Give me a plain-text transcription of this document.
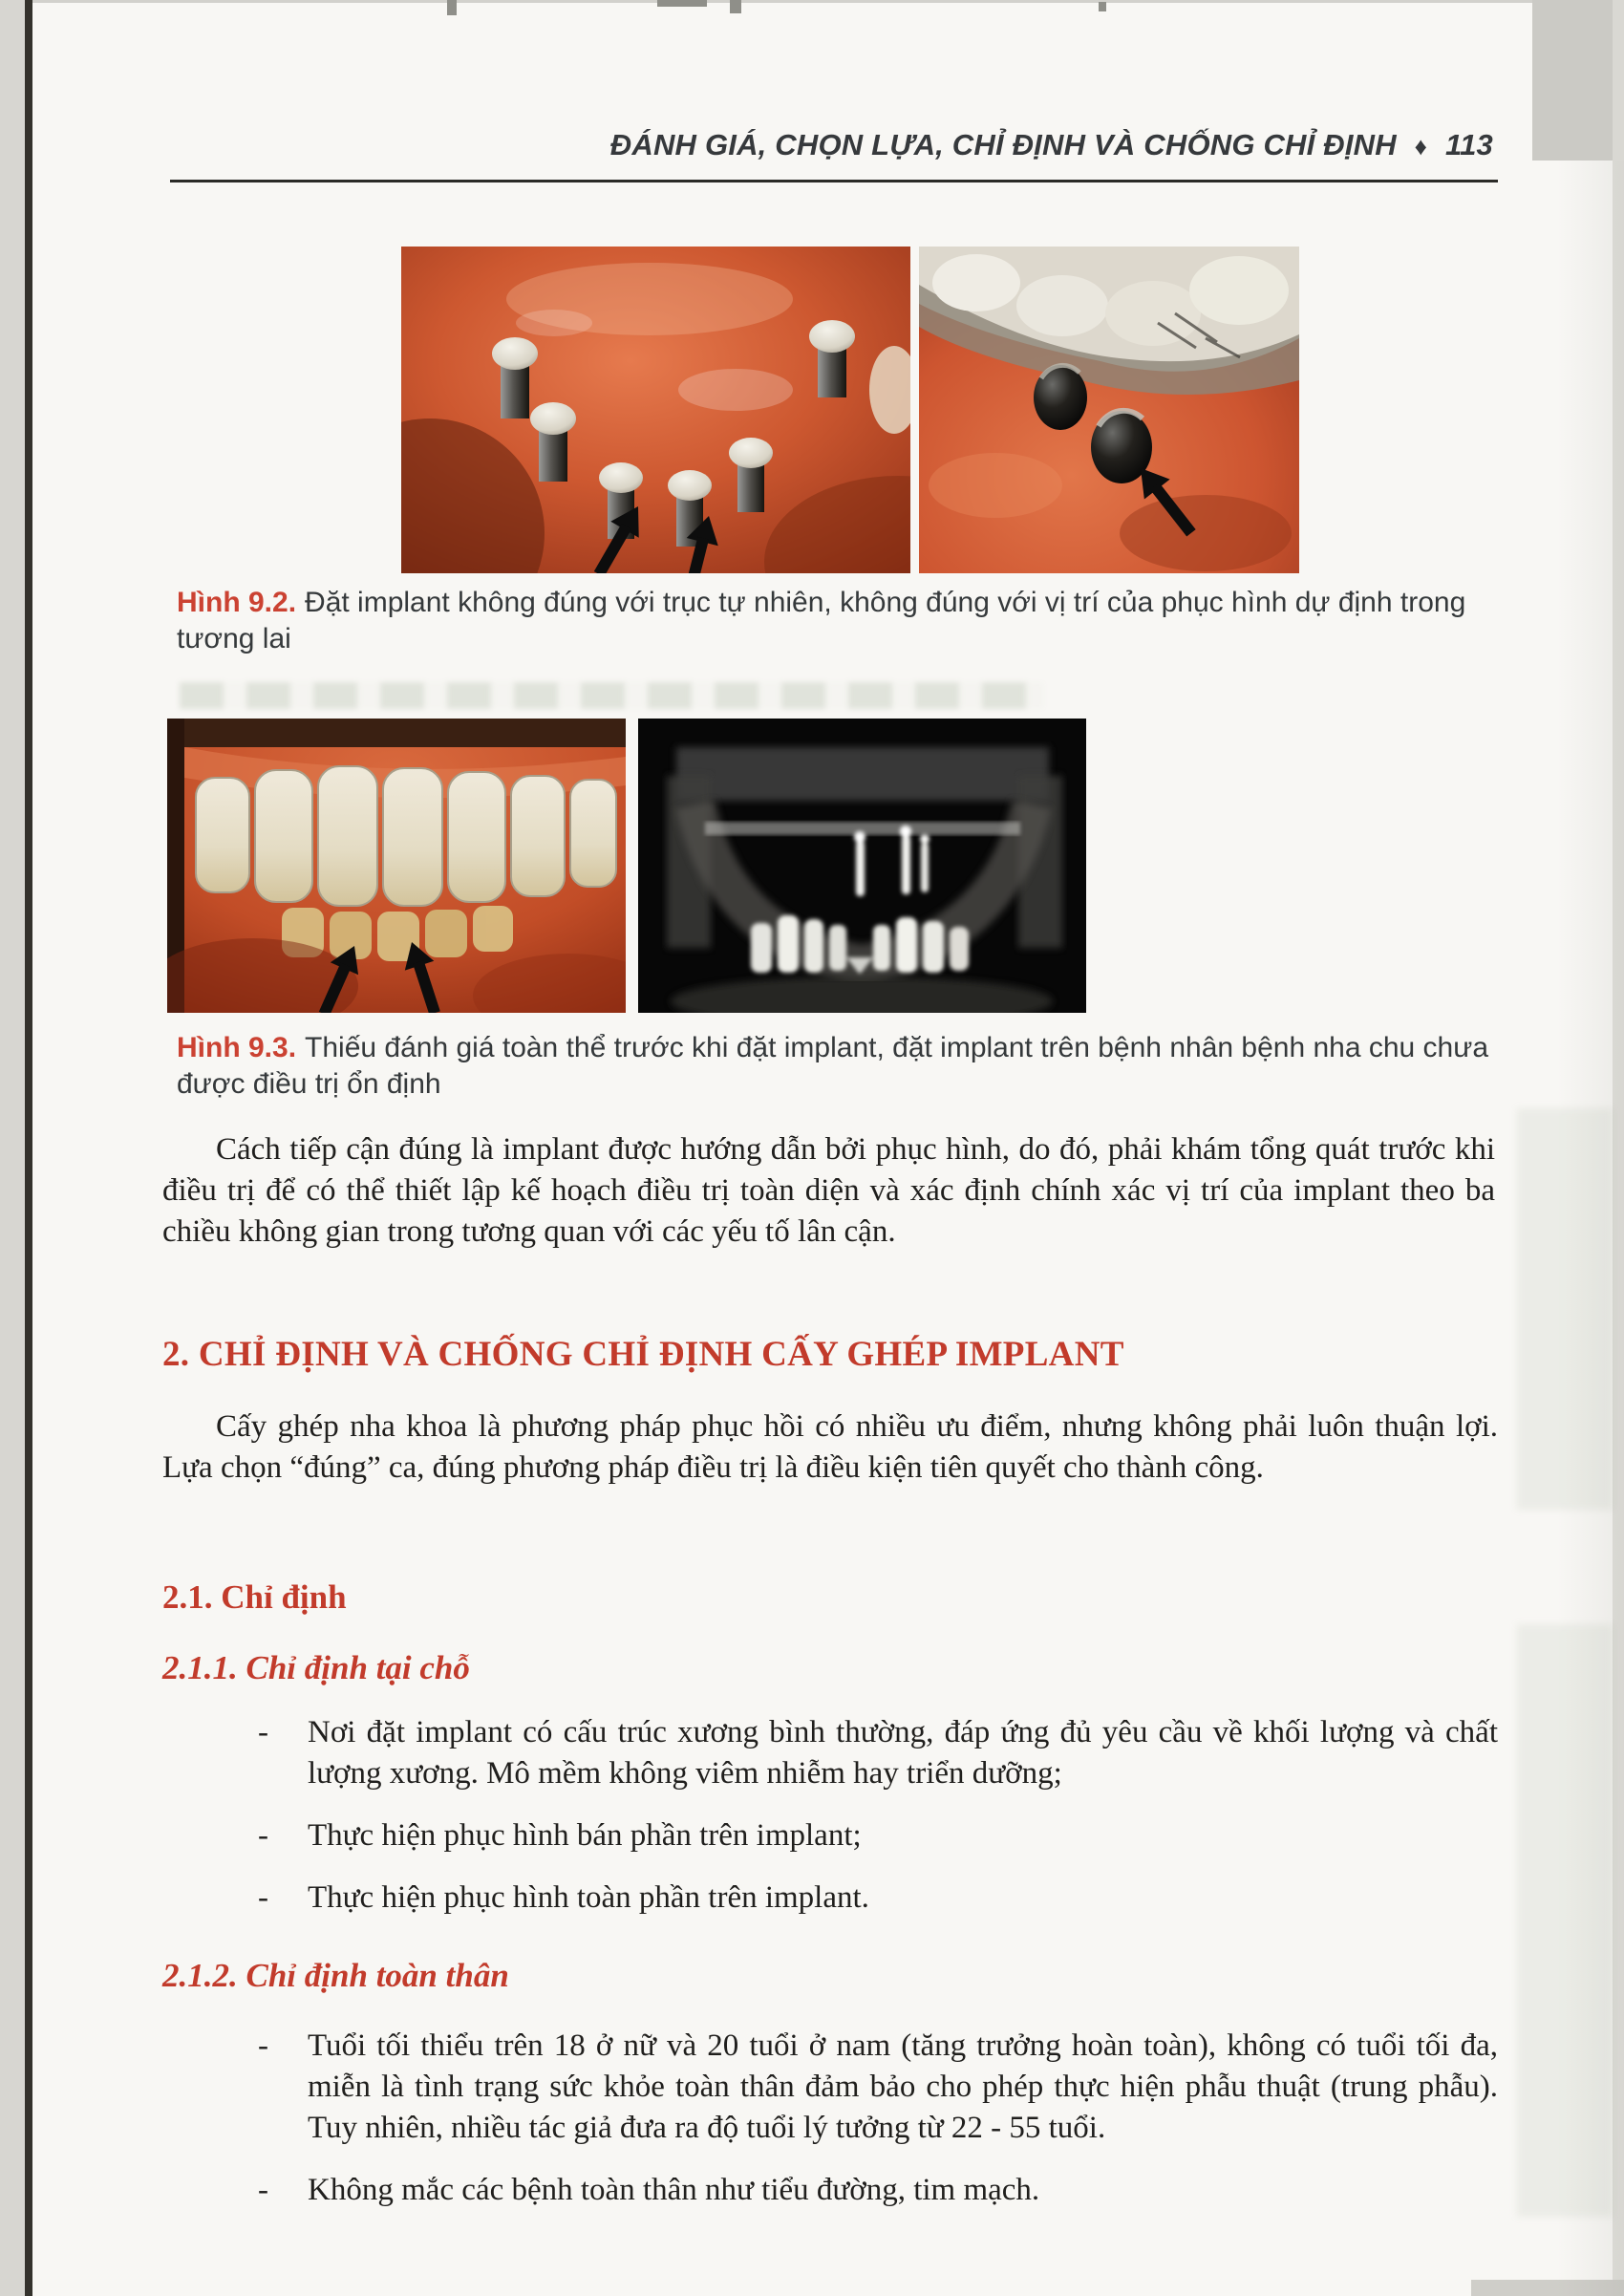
ĐÁNH GIÁ, CHỌN LỰA, CHỈ ĐỊNH VÀ CHỐNG CHỈ ĐỊNH ♦ 113
Hình 9.2. Đặt implant không đúng với trục tự nhiên, không đúng với vị trí của phục hình dự định trong tương lai
Hình 9.3. Thiếu đánh giá toàn thể trước khi đặt implant, đặt implant trên bệnh nhân bệnh nha chu chưa được điều trị ổn định

Cách tiếp cận đúng là implant được hướng dẫn bởi phục hình, do đó, phải khám tổng quát trước khi điều trị để có thể thiết lập kế hoạch điều trị toàn diện và xác định chính xác vị trí của implant theo ba chiều không gian trong tương quan với các yếu tố lân cận.

2. CHỈ ĐỊNH VÀ CHỐNG CHỈ ĐỊNH CẤY GHÉP IMPLANT

Cấy ghép nha khoa là phương pháp phục hồi có nhiều ưu điểm, nhưng không phải luôn thuận lợi. Lựa chọn “đúng” ca, đúng phương pháp điều trị là điều kiện tiên quyết cho thành công.

2.1. Chỉ định
2.1.1. Chỉ định tại chỗ
-	Nơi đặt implant có cấu trúc xương bình thường, đáp ứng đủ yêu cầu về khối lượng và chất lượng xương. Mô mềm không viêm nhiễm hay triển dưỡng;
-	Thực hiện phục hình bán phần trên implant;
-	Thực hiện phục hình toàn phần trên implant.
2.1.2. Chỉ định toàn thân
-	Tuổi tối thiểu trên 18 ở nữ và 20 tuổi ở nam (tăng trưởng hoàn toàn), không có tuổi tối đa, miễn là tình trạng sức khỏe toàn thân đảm bảo cho phép thực hiện phẫu thuật (trung phẫu). Tuy nhiên, nhiều tác giả đưa ra độ tuổi lý tưởng từ 22 - 55 tuổi.
-	Không mắc các bệnh toàn thân như tiểu đường, tim mạch.
